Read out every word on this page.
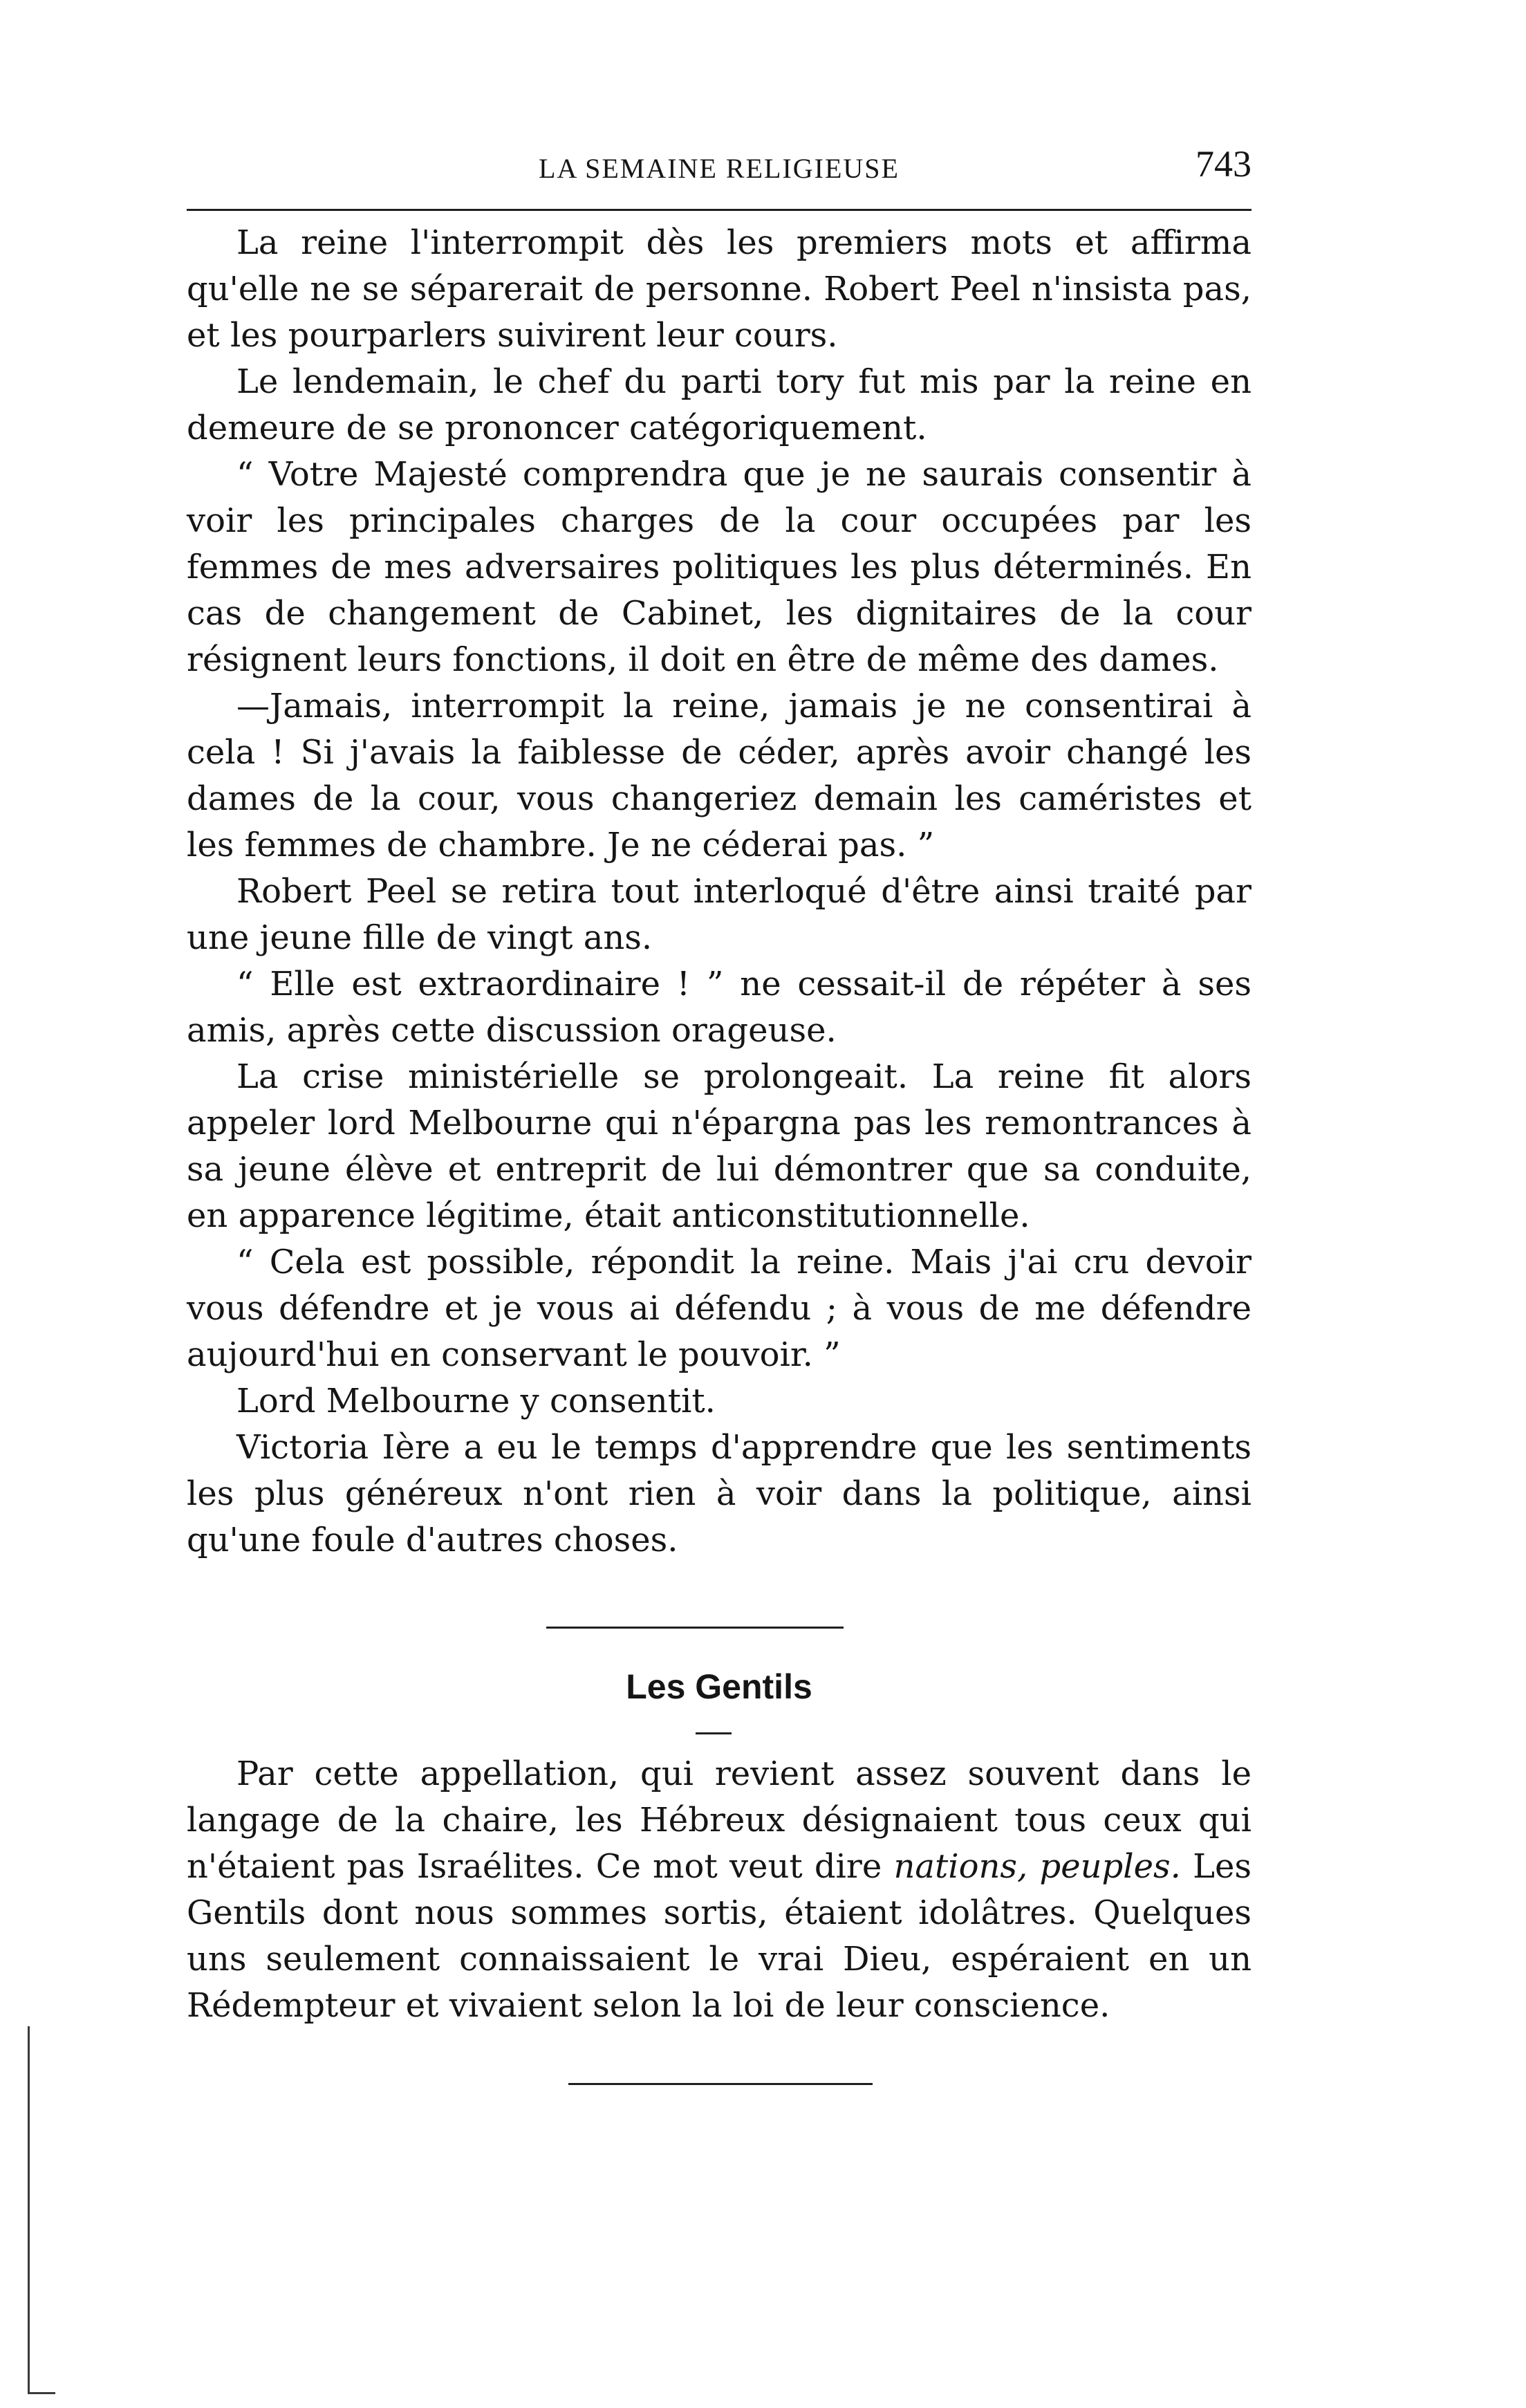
LA SEMAINE RELIGIEUSE	743

La reine l'interrompit dès les premiers mots et affirma qu'elle ne se séparerait de personne. Robert Peel n'insista pas, et les pourparlers suivirent leur cours.

Le lendemain, le chef du parti tory fut mis par la reine en demeure de se prononcer catégoriquement.

“ Votre Majesté comprendra que je ne saurais consentir à voir les principales charges de la cour occupées par les femmes de mes adversaires politiques les plus déterminés. En cas de changement de Cabinet, les dignitaires de la cour résignent leurs fonctions, il doit en être de même des dames.

—Jamais, interrompit la reine, jamais je ne consentirai à cela ! Si j'avais la faiblesse de céder, après avoir changé les dames de la cour, vous changeriez demain les caméristes et les femmes de chambre. Je ne céderai pas. ”

Robert Peel se retira tout interloqué d'être ainsi traité par une jeune fille de vingt ans.

“ Elle est extraordinaire ! ” ne cessait-il de répéter à ses amis, après cette discussion orageuse.

La crise ministérielle se prolongeait. La reine fit alors appeler lord Melbourne qui n'épargna pas les remontrances à sa jeune élève et entreprit de lui démontrer que sa conduite, en apparence légitime, était anticonstitutionnelle.

“ Cela est possible, répondit la reine. Mais j'ai cru devoir vous défendre et je vous ai défendu ; à vous de me défendre aujourd'hui en conservant le pouvoir. ”

Lord Melbourne y consentit.

Victoria Ière a eu le temps d'apprendre que les sentiments les plus généreux n'ont rien à voir dans la politique, ainsi qu'une foule d'autres choses.

Les Gentils

Par cette appellation, qui revient assez souvent dans le langage de la chaire, les Hébreux désignaient tous ceux qui n'étaient pas Israélites. Ce mot veut dire nations, peuples. Les Gentils dont nous sommes sortis, étaient idolâtres. Quelques uns seulement connaissaient le vrai Dieu, espéraient en un Rédempteur et vivaient selon la loi de leur conscience.
